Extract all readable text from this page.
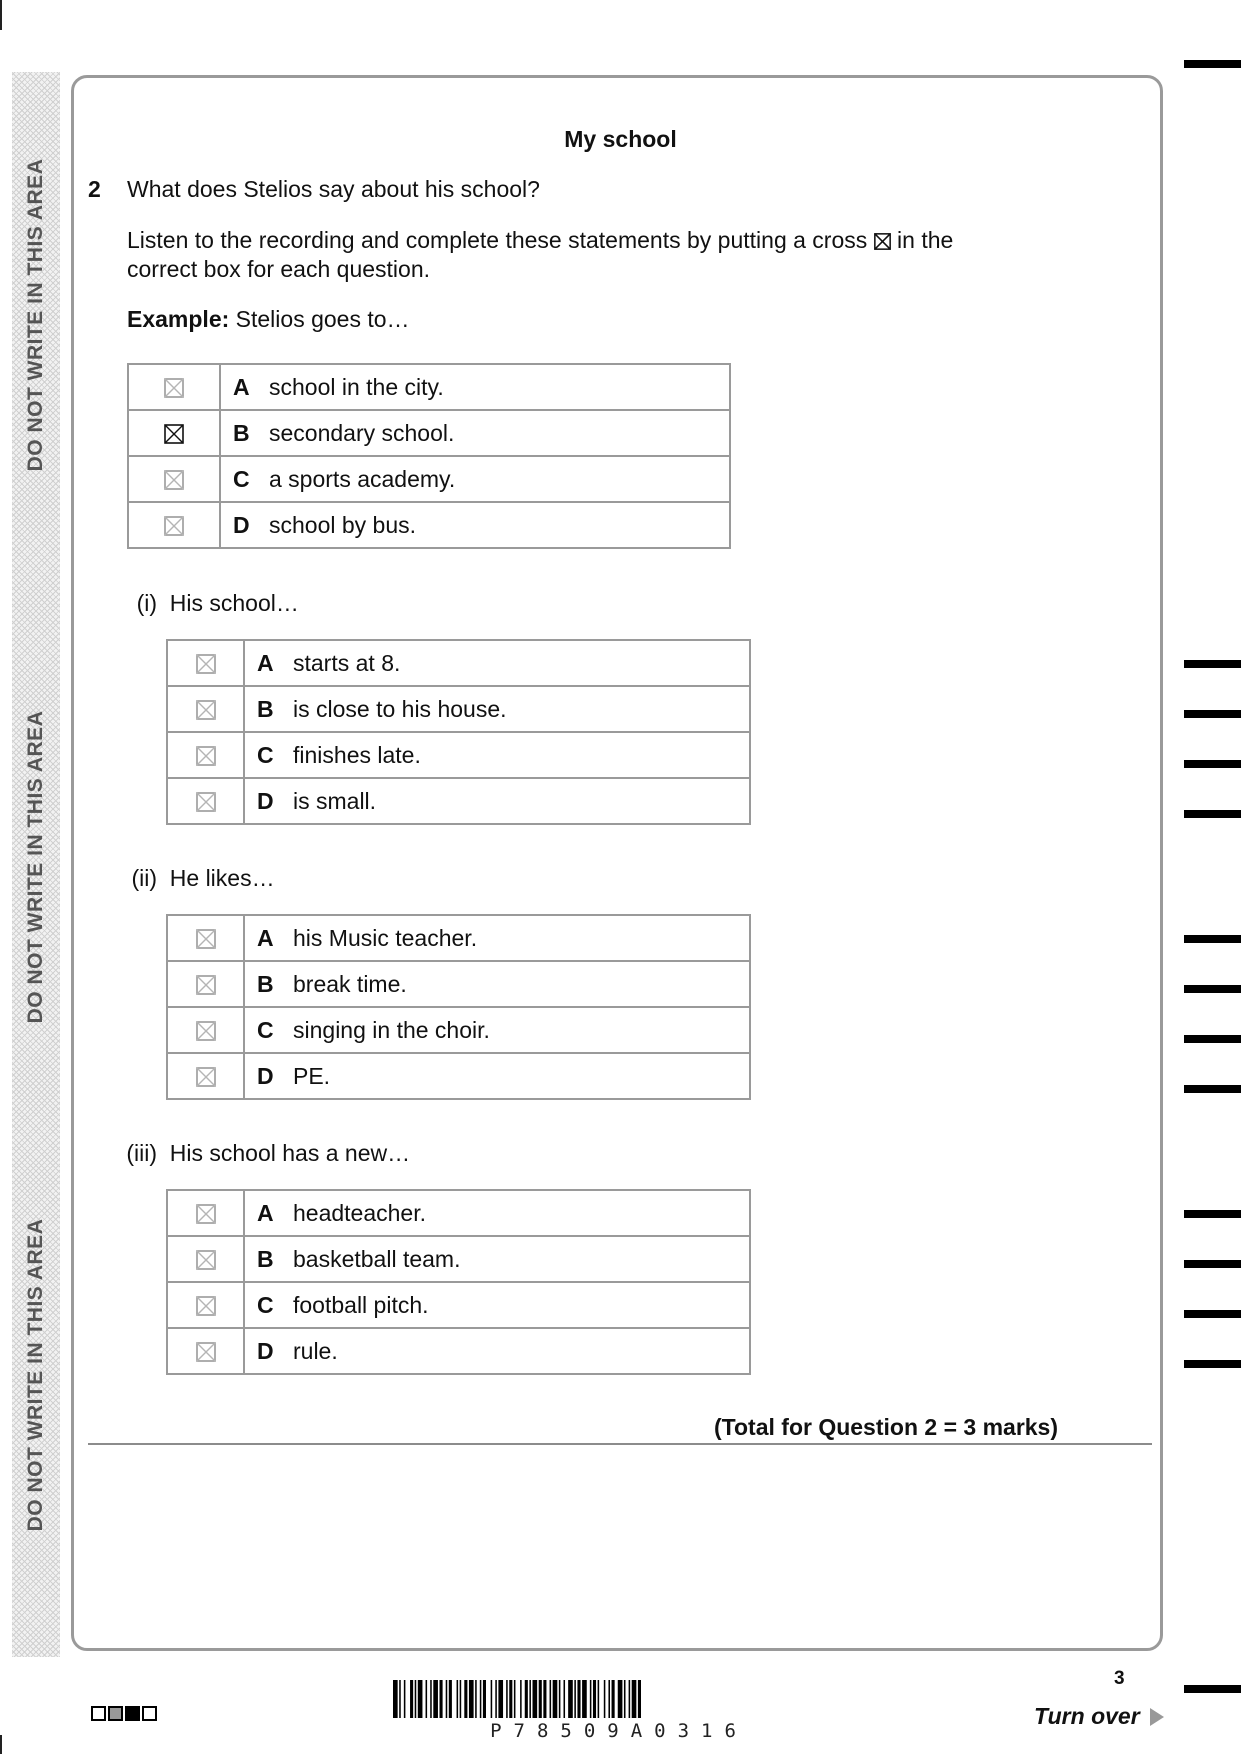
DO NOT WRITE IN THIS AREA
DO NOT WRITE IN THIS AREA
DO NOT WRITE IN THIS AREA
My school
2 What does Stelios say about his school?
Listen to the recording and complete these statements by putting a cross ☒ in the correct box for each question.
Example: Stelios goes to…
	A school in the city.
	B secondary school.
	C a sports academy.
	D school by bus.
(i) His school…
	A starts at 8.
	B is close to his house.
	C finishes late.
	D is small.
(ii) He likes…
	A his Music teacher.
	B break time.
	C singing in the choir.
	D PE.
(iii) His school has a new…
	A headteacher.
	B basketball team.
	C football pitch.
	D rule.
(Total for Question 2 = 3 marks)
P78509A0316
3
Turn over
